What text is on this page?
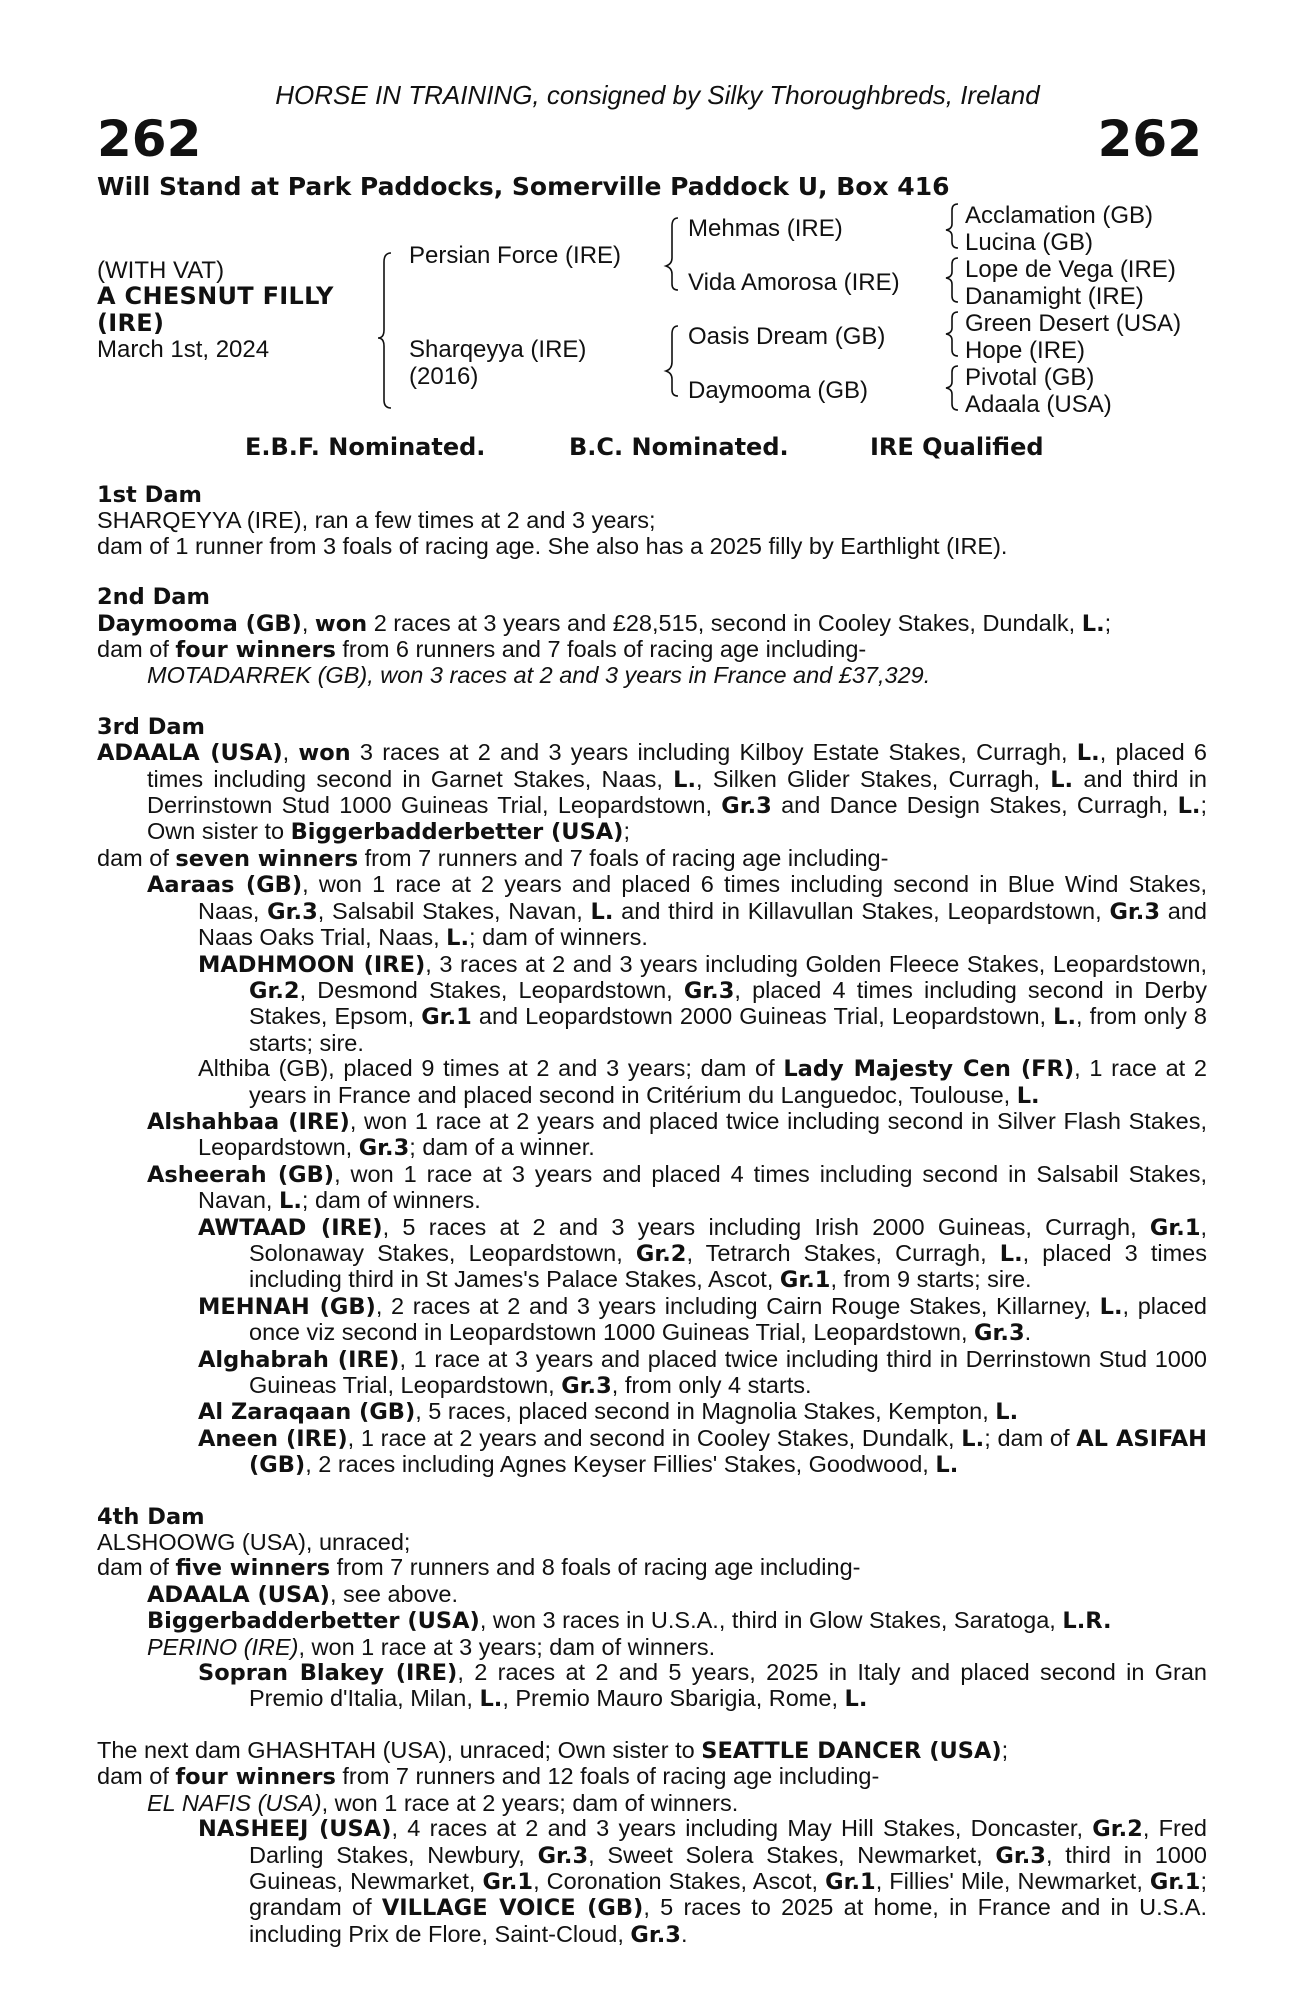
HORSE IN TRAINING, consigned by Silky Thoroughbreds, Ireland
262	262
Will Stand at Park Paddocks, Somerville Paddock U, Box 416
(WITH VAT)
A CHESNUT FILLY
(IRE)
March 1st, 2024
Persian Force (IRE)
Sharqeyya (IRE)
(2016)
Mehmas (IRE)
Vida Amorosa (IRE)
Oasis Dream (GB)
Daymooma (GB)
Acclamation (GB)
Lucina (GB)
Lope de Vega (IRE)
Danamight (IRE)
Green Desert (USA)
Hope (IRE)
Pivotal (GB)
Adaala (USA)
E.B.F. Nominated.	B.C. Nominated.	IRE Qualified

1st Dam

SHARQEYYA (IRE), ran a few times at 2 and 3 years;

dam of 1 runner from 3 foals of racing age. She also has a 2025 filly by Earthlight (IRE).

2nd Dam

Daymooma (GB), won 2 races at 3 years and £28,515, second in Cooley Stakes, Dundalk, L.;

dam of four winners from 6 runners and 7 foals of racing age including-

MOTADARREK (GB), won 3 races at 2 and 3 years in France and £37,329.

3rd Dam

ADAALA (USA), won 3 races at 2 and 3 years including Kilboy Estate Stakes, Curragh, L., placed 6 times including second in Garnet Stakes, Naas, L., Silken Glider Stakes, Curragh, L. and third in Derrinstown Stud 1000 Guineas Trial, Leopardstown, Gr.3 and Dance Design Stakes, Curragh, L.; Own sister to Biggerbadderbetter (USA);

dam of seven winners from 7 runners and 7 foals of racing age including-

Aaraas (GB), won 1 race at 2 years and placed 6 times including second in Blue Wind Stakes, Naas, Gr.3, Salsabil Stakes, Navan, L. and third in Killavullan Stakes, Leopardstown, Gr.3 and Naas Oaks Trial, Naas, L.; dam of winners.

MADHMOON (IRE), 3 races at 2 and 3 years including Golden Fleece Stakes, Leopardstown, Gr.2, Desmond Stakes, Leopardstown, Gr.3, placed 4 times including second in Derby Stakes, Epsom, Gr.1 and Leopardstown 2000 Guineas Trial, Leopardstown, L., from only 8 starts; sire.

Althiba (GB), placed 9 times at 2 and 3 years; dam of Lady Majesty Cen (FR), 1 race at 2 years in France and placed second in Critérium du Languedoc, Toulouse, L.

Alshahbaa (IRE), won 1 race at 2 years and placed twice including second in Silver Flash Stakes, Leopardstown, Gr.3; dam of a winner.

Asheerah (GB), won 1 race at 3 years and placed 4 times including second in Salsabil Stakes, Navan, L.; dam of winners.

AWTAAD (IRE), 5 races at 2 and 3 years including Irish 2000 Guineas, Curragh, Gr.1, Solonaway Stakes, Leopardstown, Gr.2, Tetrarch Stakes, Curragh, L., placed 3 times including third in St James's Palace Stakes, Ascot, Gr.1, from 9 starts; sire.

MEHNAH (GB), 2 races at 2 and 3 years including Cairn Rouge Stakes, Killarney, L., placed once viz second in Leopardstown 1000 Guineas Trial, Leopardstown, Gr.3.

Alghabrah (IRE), 1 race at 3 years and placed twice including third in Derrinstown Stud 1000 Guineas Trial, Leopardstown, Gr.3, from only 4 starts.

Al Zaraqaan (GB), 5 races, placed second in Magnolia Stakes, Kempton, L.

Aneen (IRE), 1 race at 2 years and second in Cooley Stakes, Dundalk, L.; dam of AL ASIFAH (GB), 2 races including Agnes Keyser Fillies' Stakes, Goodwood, L.

4th Dam

ALSHOOWG (USA), unraced;

dam of five winners from 7 runners and 8 foals of racing age including-

ADAALA (USA), see above.

Biggerbadderbetter (USA), won 3 races in U.S.A., third in Glow Stakes, Saratoga, L.R.

PERINO (IRE), won 1 race at 3 years; dam of winners.

Sopran Blakey (IRE), 2 races at 2 and 5 years, 2025 in Italy and placed second in Gran Premio d'Italia, Milan, L., Premio Mauro Sbarigia, Rome, L.

The next dam GHASHTAH (USA), unraced; Own sister to SEATTLE DANCER (USA);

dam of four winners from 7 runners and 12 foals of racing age including-

EL NAFIS (USA), won 1 race at 2 years; dam of winners.

NASHEEJ (USA), 4 races at 2 and 3 years including May Hill Stakes, Doncaster, Gr.2, Fred Darling Stakes, Newbury, Gr.3, Sweet Solera Stakes, Newmarket, Gr.3, third in 1000 Guineas, Newmarket, Gr.1, Coronation Stakes, Ascot, Gr.1, Fillies' Mile, Newmarket, Gr.1; grandam of VILLAGE VOICE (GB), 5 races to 2025 at home, in France and in U.S.A. including Prix de Flore, Saint-Cloud, Gr.3.
